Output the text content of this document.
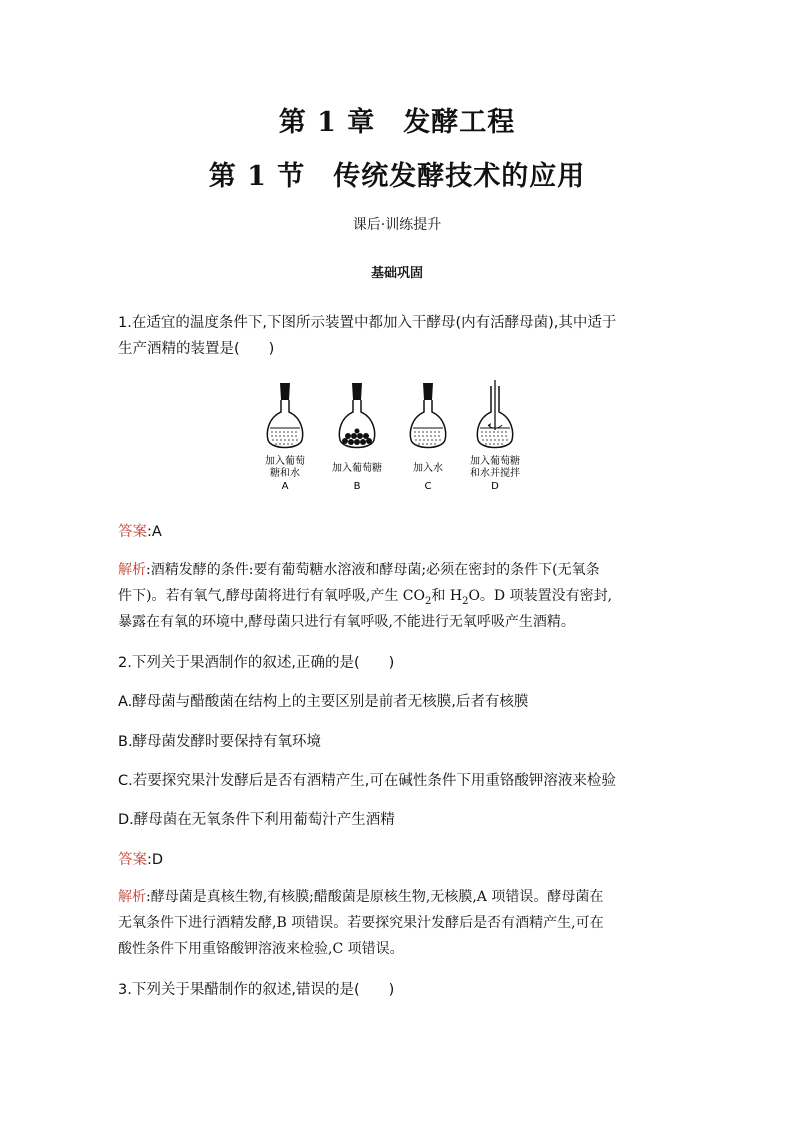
第 1 章　发酵工程
第 1 节　传统发酵技术的应用
课后·训练提升
基础巩固
1.在适宜的温度条件下,下图所示装置中都加入干酵母(内有活酵母菌),其中适于
生产酒精的装置是(　　)
加入葡萄
糖和水
A
加入葡萄糖
B
加入水
C
加入葡萄糖
和水并搅拌
D
答案:A
解析:酒精发酵的条件:要有葡萄糖水溶液和酵母菌;必须在密封的条件下(无氧条
件下)。若有氧气,酵母菌将进行有氧呼吸,产生 $CO_2$和 $H_2O$。D 项装置没有密封,
暴露在有氧的环境中,酵母菌只进行有氧呼吸,不能进行无氧呼吸产生酒精。
2.下列关于果酒制作的叙述,正确的是(　　)
A.酵母菌与醋酸菌在结构上的主要区别是前者无核膜,后者有核膜
B.酵母菌发酵时要保持有氧环境
C.若要探究果汁发酵后是否有酒精产生,可在碱性条件下用重铬酸钾溶液来检验
D.酵母菌在无氧条件下利用葡萄汁产生酒精
答案:D
解析:酵母菌是真核生物,有核膜;醋酸菌是原核生物,无核膜,A 项错误。酵母菌在
无氧条件下进行酒精发酵,B 项错误。若要探究果汁发酵后是否有酒精产生,可在
酸性条件下用重铬酸钾溶液来检验,C 项错误。
3.下列关于果醋制作的叙述,错误的是(　　)
